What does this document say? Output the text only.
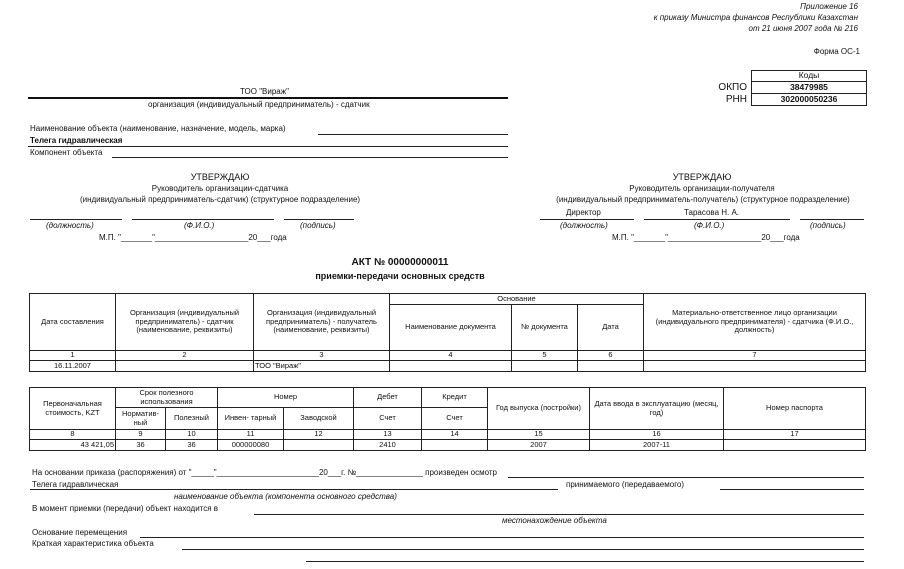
Приложение 16
к приказу Министра финансов Республики Казахстан
от 21 июня 2007 года № 216
Форма ОС-1
	Коды
ОКПО	38479985
РНН	302000050236
ТОО "Вираж"
организация (индивидуальный предприниматель) - сдатчик
Наименование объекта (наименование, назначение, модель, марка)
Телега гидравлическая
Компонент объекта
УТВЕРЖДАЮ
Руководитель организации-сдатчика
(индивидуальный предприниматель-сдатчик) (структурное подразделение)
(должность)	(Ф.И.О.)	(подпись)
М.П. "_______"_____________________20___года
УТВЕРЖДАЮ
Руководитель организации-получателя
(индивидуальный предприниматель-получатель) (структурное подразделение)
Директор	Тарасова Н. А.
(должность)	(Ф.И.О.)	(подпись)
М.П. "_______"_____________________20___года
АКТ № 00000000011
приемки-передачи основных средств
Дата составления	Организация (индивидуальный предприниматель) - сдатчик (наименование, реквизиты)	Организация (индивидуальный предприниматель) - получатель (наименование, реквизиты)	Основание			Материально-ответственное лицо организации (индивидуального предпринимателя) - сдатчика (Ф.И.О., должность)
			Наименование документа	№ документа	Дата	
1	2	3	4	5	6	7
16.11.2007		ТОО "Вираж"				
Первоначальная стоимость, KZT	Срок полезного использования		Номер		Дебет	Кредит	Год выпуска (постройки)	Дата ввода в эксплуатацию (месяц, год)	Номер паспорта
	Норматив-ный	Полезный	Инвен- тарный	Заводской	Счет	Счет			
8	9	10	11	12	13	14	15	16	17
43 421,05	36	36	000000080		2410		2007	2007-11	
На основании приказа (распоряжения) от "_____"_______________________20___г. №_______________ произведен осмотр
Телега гидравлическая	принимаемого (передаваемого)
наименование объекта (компонента основного средства)
В момент приемки (передачи) объект находится в
местонахождение объекта
Основание перемещения
Краткая характеристика объекта
